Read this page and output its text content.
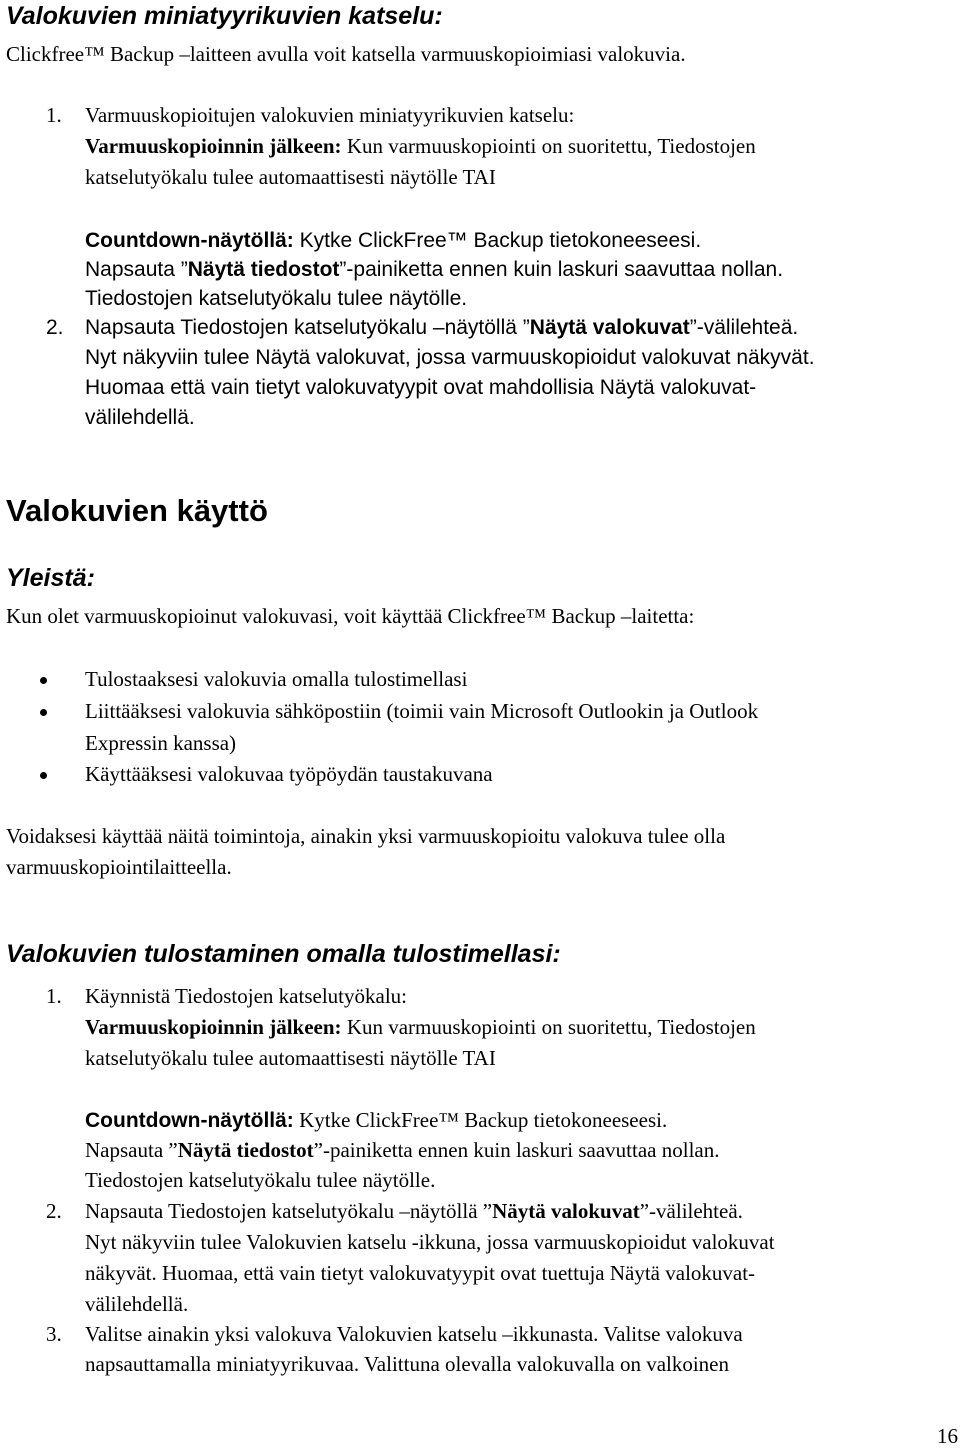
Valokuvien miniatyyrikuvien katselu:
Clickfree™ Backup –laitteen avulla voit katsella varmuuskopioimiasi valokuvia.
1. Varmuuskopioitujen valokuvien miniatyyrikuvien katselu:
Varmuuskopioinnin jälkeen: Kun varmuuskopiointi on suoritettu, Tiedostojen
katselutyökalu tulee automaattisesti näytölle TAI
Countdown-näytöllä: Kytke ClickFree™ Backup tietokoneeseesi.
Napsauta ”Näytä tiedostot”-painiketta ennen kuin laskuri saavuttaa nollan.
Tiedostojen katselutyökalu tulee näytölle.
2. Napsauta Tiedostojen katselutyökalu –näytöllä ”Näytä valokuvat”-välilehteä.
Nyt näkyviin tulee Näytä valokuvat, jossa varmuuskopioidut valokuvat näkyvät.
Huomaa että vain tietyt valokuvatyypit ovat mahdollisia Näytä valokuvat-
välilehdellä.
Valokuvien käyttö
Yleistä:
Kun olet varmuuskopioinut valokuvasi, voit käyttää Clickfree™ Backup –laitetta:
Tulostaaksesi valokuvia omalla tulostimellasi
Liittääksesi valokuvia sähköpostiin (toimii vain Microsoft Outlookin ja Outlook
Expressin kanssa)
Käyttääksesi valokuvaa työpöydän taustakuvana
Voidaksesi käyttää näitä toimintoja, ainakin yksi varmuuskopioitu valokuva tulee olla
varmuuskopiointilaitteella.
Valokuvien tulostaminen omalla tulostimellasi:
1. Käynnistä Tiedostojen katselutyökalu:
Varmuuskopioinnin jälkeen: Kun varmuuskopiointi on suoritettu, Tiedostojen
katselutyökalu tulee automaattisesti näytölle TAI
Countdown-näytöllä: Kytke ClickFree™ Backup tietokoneeseesi.
Napsauta ”Näytä tiedostot”-painiketta ennen kuin laskuri saavuttaa nollan.
Tiedostojen katselutyökalu tulee näytölle.
2. Napsauta Tiedostojen katselutyökalu –näytöllä ”Näytä valokuvat”-välilehteä.
Nyt näkyviin tulee Valokuvien katselu -ikkuna, jossa varmuuskopioidut valokuvat
näkyvät. Huomaa, että vain tietyt valokuvatyypit ovat tuettuja Näytä valokuvat-
välilehdellä.
3. Valitse ainakin yksi valokuva Valokuvien katselu –ikkunasta. Valitse valokuva
napsauttamalla miniatyyrikuvaa. Valittuna olevalla valokuvalla on valkoinen
16
